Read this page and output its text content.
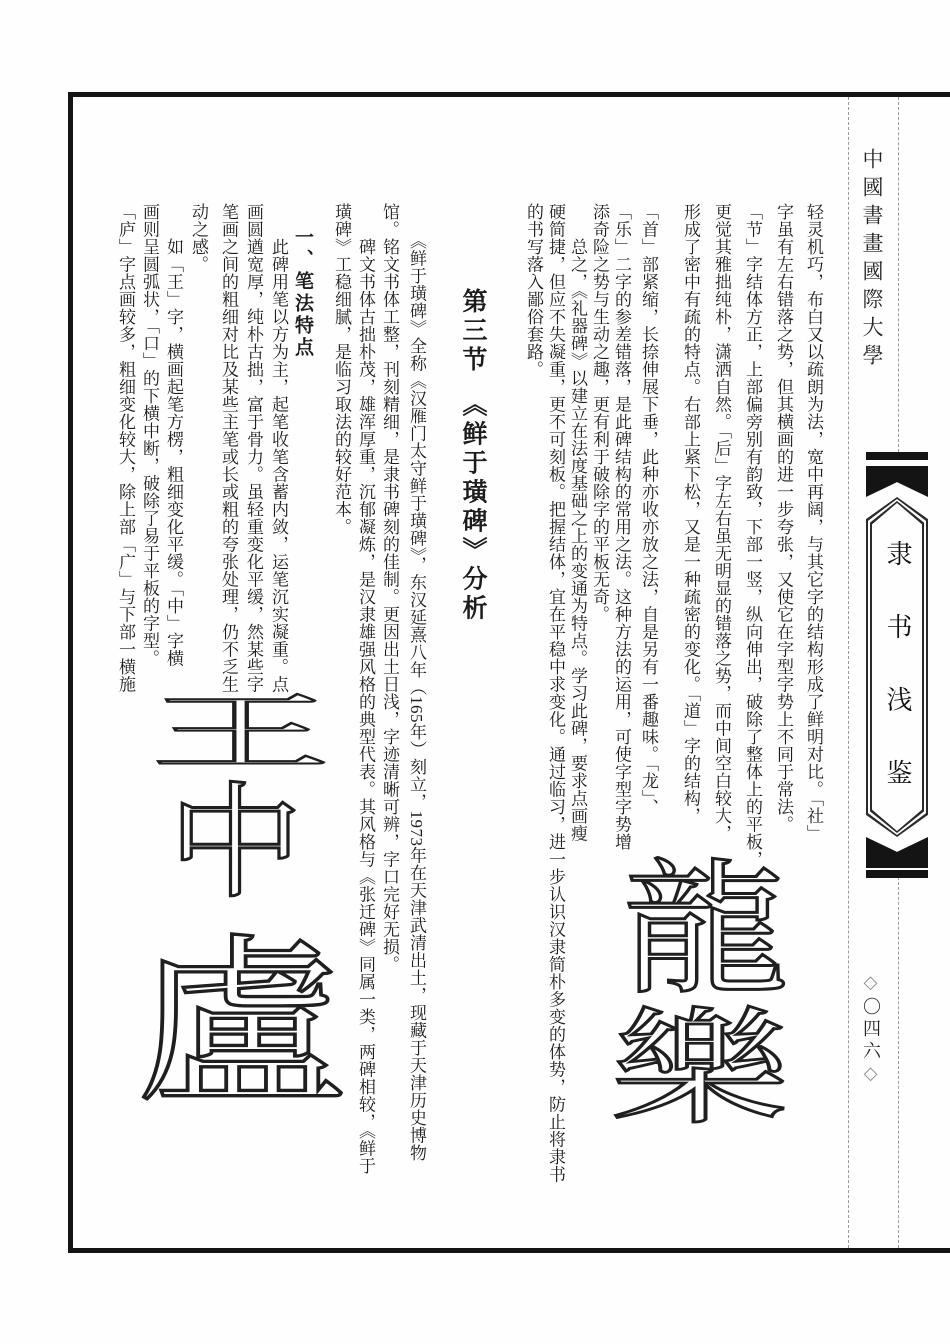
中國書畫國際大學
隶书浅鉴
◇〇四六◇
轻灵机巧，布白又以疏朗为法，宽中再阔，与其它字的结构形成了鲜明对比。「社」
字虽有左右错落之势，但其横画的进一步夸张，又使它在字型字势上不同于常法。
「节」字结体方正，上部偏旁别有韵致，下部一竖，纵向伸出，破除了整体上的平板，
更觉其雅拙纯朴，潇洒自然。「后」字左右虽无明显的错落之势，而中间空白较大，
形成了密中有疏的特点。右部上紧下松，又是一种疏密的变化。「道」字的结构，
「首」部紧缩，长捺伸展下垂，此种亦收亦放之法，自是另有一番趣味。「龙」、
「乐」二字的参差错落，是此碑结构的常用之法。这种方法的运用，可使字型字势增
添奇险之势与生动之趣，更有利于破除字的平板无奇。
总之，《礼器碑》以建立在法度基础之上的变通为特点。学习此碑，要求点画瘦
硬简捷，但应不失凝重，更不可刻板。把握结体，宜在平稳中求变化。通过临习，进一步认识汉隶简朴多变的体势，防止将隶书
的书写落入鄙俗套路。
第三节　《鲜于璜碑》分析
《鲜于璜碑》全称《汉雁门太守鲜于璜碑》，东汉延熹八年（165年）刻立，1973年在天津武清出土，现藏于天津历史博物
馆。铭文书体工整，刊刻精细，是隶书碑刻的佳制。更因出土日浅，字迹清晰可辨，字口完好无损。
碑文书体古拙朴茂，雄浑厚重，沉郁凝炼，是汉隶雄强风格的典型代表。其风格与《张迁碑》同属一类，两碑相较，《鲜于
璜碑》工稳细腻，是临习取法的较好范本。
一、笔法特点
此碑用笔以方为主，起笔收笔含蓄内敛，运笔沉实凝重。点
画圆遒宽厚，纯朴古拙，富于骨力。虽轻重变化平缓，然某些字
笔画之间的粗细对比及某些主笔或长或粗的夸张处理，仍不乏生
动之感。
如「王」字，横画起笔方楞，粗细变化平缓。「中」字横
画则呈圆弧状，「口」的下横中断，破除了易于平板的字型。
「庐」字点画较多，粗细变化较大，除上部「广」与下部一横施
龍
樂
王
中
盧
